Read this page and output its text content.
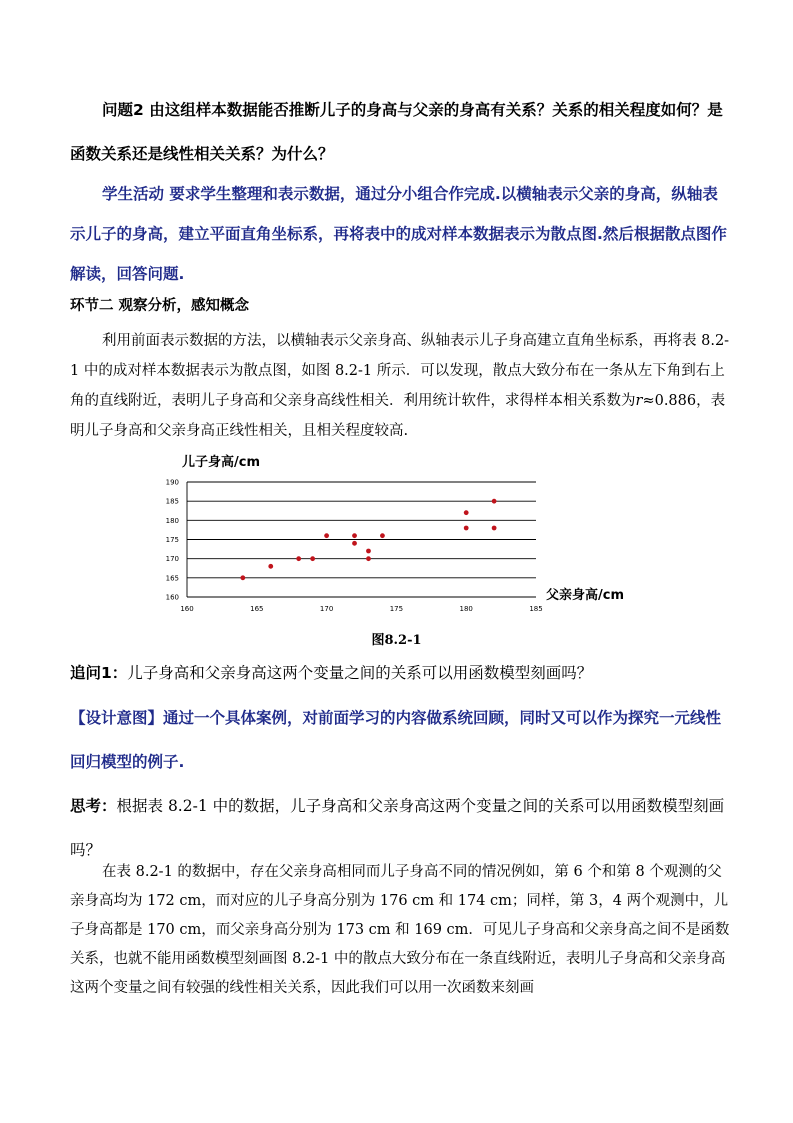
问题2 由这组样本数据能否推断儿子的身高与父亲的身高有关系？关系的相关程度如何？是函数关系还是线性相关关系？为什么？
学生活动 要求学生整理和表示数据，通过分小组合作完成.以横轴表示父亲的身高，纵轴表示儿子的身高，建立平面直角坐标系，再将表中的成对样本数据表示为散点图.然后根据散点图作解读，回答问题.
环节二 观察分析，感知概念
利用前面表示数据的方法，以横轴表示父亲身高、纵轴表示儿子身高建立直角坐标系，再将表 8.2-1 中的成对样本数据表示为散点图，如图 8.2-1 所示．可以发现，散点大致分布在一条从左下角到右上角的直线附近，表明儿子身高和父亲身高线性相关．利用统计软件，求得样本相关系数为r≈0.886，表明儿子身高和父亲身高正线性相关，且相关程度较高.
儿子身高/cm
父亲身高/cm
160
165
170
175
180
185
190
160	165	170	175	180	185
图8.2-1
追问1：儿子身高和父亲身高这两个变量之间的关系可以用函数模型刻画吗？
【设计意图】通过一个具体案例，对前面学习的内容做系统回顾，同时又可以作为探究一元线性回归模型的例子.
思考：根据表 8.2-1 中的数据，儿子身高和父亲身高这两个变量之间的关系可以用函数模型刻画吗？
在表 8.2-1 的数据中，存在父亲身高相同而儿子身高不同的情况例如，第 6 个和第 8 个观测的父亲身高均为 172 cm，而对应的儿子身高分别为 176 cm 和 174 cm；同样，第 3，4 两个观测中，儿子身高都是 170 cm，而父亲身高分别为 173 cm 和 169 cm．可见儿子身高和父亲身高之间不是函数关系，也就不能用函数模型刻画图 8.2-1 中的散点大致分布在一条直线附近，表明儿子身高和父亲身高这两个变量之间有较强的线性相关关系，因此我们可以用一次函数来刻画
